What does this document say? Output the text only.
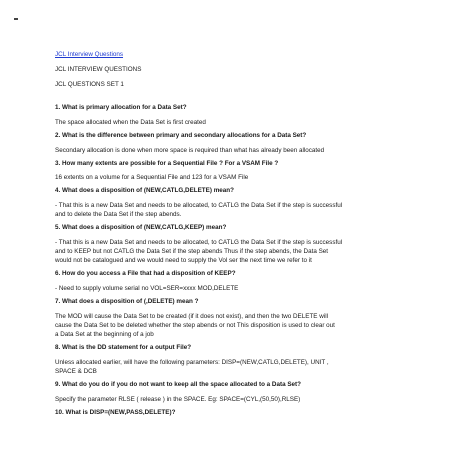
JCL Interview Questions
JCL INTERVIEW QUESTIONS
JCL QUESTIONS SET 1
1. What is primary allocation for a Data Set?
The space allocated when the Data Set is first created
2. What is the difference between primary and secondary allocations for a Data Set?
Secondary allocation is done when more space is required than what has already been allocated
3. How many extents are possible for a Sequential File ? For a VSAM File ?
16 extents on a volume for a Sequential File and 123 for a VSAM File
4. What does a disposition of (NEW,CATLG,DELETE) mean?
- That this is a new Data Set and needs to be allocated, to CATLG the Data Set if the step is successful
and to delete the Data Set if the step abends.
5. What does a disposition of (NEW,CATLG,KEEP) mean?
- That this is a new Data Set and needs to be allocated, to CATLG the Data Set if the step is successful
and to KEEP but not CATLG the Data Set if the step abends Thus if the step abends, the Data Set
would not be catalogued and we would need to supply the Vol ser the next time we refer to it
6. How do you access a File that had a disposition of KEEP?
- Need to supply volume serial no VOL=SER=xxxx MOD,DELETE
7. What does a disposition of (,DELETE) mean ?
The MOD will cause the Data Set to be created (if it does not exist), and then the two DELETE will
cause the Data Set to be deleted whether the step abends or not This disposition is used to clear out
a Data Set at the beginning of a job
8. What is the DD statement for a output File?
Unless allocated earlier, will have the following parameters: DISP=(NEW,CATLG,DELETE), UNIT ,
SPACE & DCB
9. What do you do if you do not want to keep all the space allocated to a Data Set?
Specify the parameter RLSE ( release ) in the SPACE. Eg: SPACE=(CYL,(50,50),RLSE)
10. What is DISP=(NEW,PASS,DELETE)?
